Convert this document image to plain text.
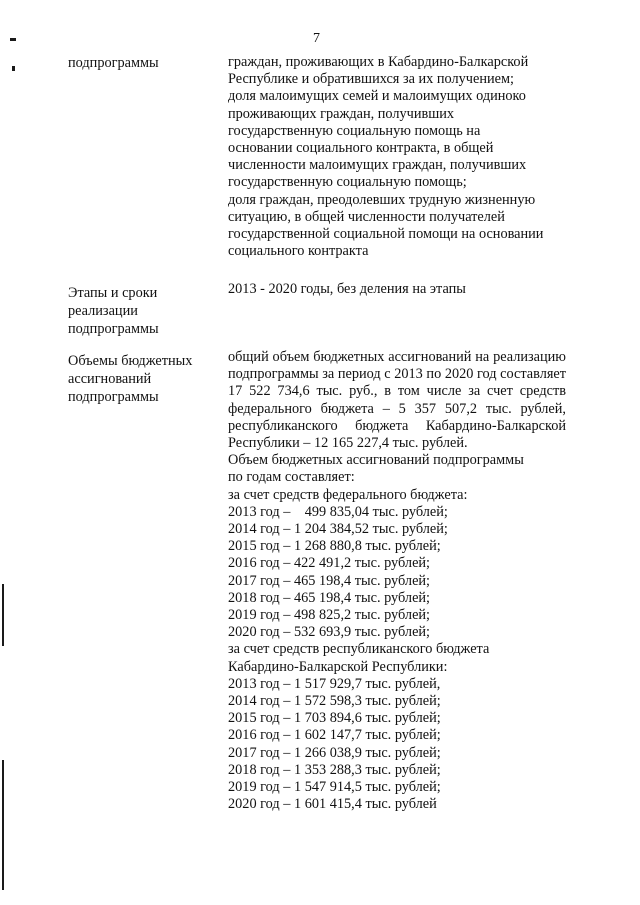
7
подпрограммы	граждан, проживающих в Кабардино-Балкарской
Республике и обратившихся за их получением;
доля малоимущих семей и малоимущих одиноко
проживающих граждан, получивших
государственную социальную помощь на
основании социального контракта, в общей
численности малоимущих граждан, получивших
государственную социальную помощь;
доля граждан, преодолевших трудную жизненную
ситуацию, в общей численности получателей
государственной социальной помощи на основании
социального контракта
Этапы и сроки
реализации
подпрограммы
2013 - 2020 годы, без деления на этапы
Объемы бюджетных
ассигнований
подпрограммы
общий объем бюджетных ассигнований на реализацию подпрограммы за период с 2013 по 2020 год составляет 17 522 734,6 тыс. руб., в том числе за счет средств федерального бюджета – 5 357 507,2 тыс. рублей, республиканского бюджета Кабардино-Балкарской Республики – 12 165 227,4 тыс. рублей.
Объем бюджетных ассигнований подпрограммы
по годам составляет:
за счет средств федерального бюджета:
2013 год –    499 835,04 тыс. рублей;
2014 год – 1 204 384,52 тыс. рублей;
2015 год – 1 268 880,8 тыс. рублей;
2016 год – 422 491,2 тыс. рублей;
2017 год – 465 198,4 тыс. рублей;
2018 год – 465 198,4 тыс. рублей;
2019 год – 498 825,2 тыс. рублей;
2020 год – 532 693,9 тыс. рублей;
за счет средств республиканского бюджета
Кабардино-Балкарской Республики:
2013 год – 1 517 929,7 тыс. рублей,
2014 год – 1 572 598,3 тыс. рублей;
2015 год – 1 703 894,6 тыс. рублей;
2016 год – 1 602 147,7 тыс. рублей;
2017 год – 1 266 038,9 тыс. рублей;
2018 год – 1 353 288,3 тыс. рублей;
2019 год – 1 547 914,5 тыс. рублей;
2020 год – 1 601 415,4 тыс. рублей
